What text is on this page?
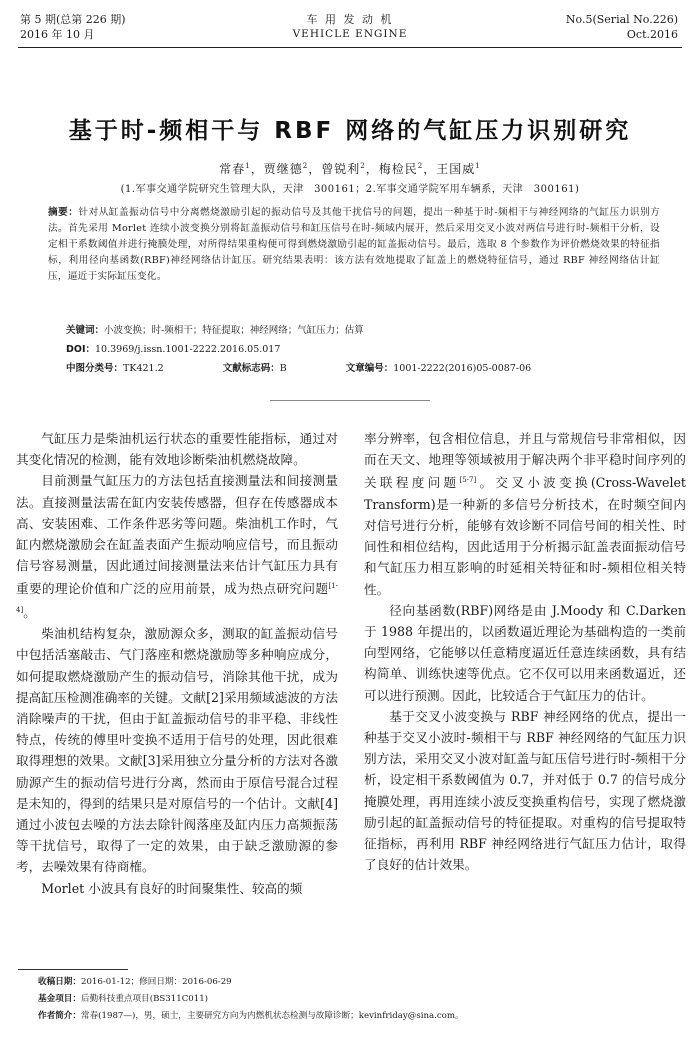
第 5 期(总第 226 期)
2016 年 10 月
车 用 发 动 机
VEHICLE ENGINE
No.5(Serial No.226)
Oct.2016
基于时-频相干与 RBF 网络的气缸压力识别研究
常春$^1$，贾继德$^2$，曾锐利$^2$，梅检民$^2$，王国威$^1$
(1.军事交通学院研究生管理大队，天津　300161；2.军事交通学院军用车辆系，天津　300161)
摘要：针对从缸盖振动信号中分离燃烧激励引起的振动信号及其他干扰信号的问题，提出一种基于时-频相干与神经网络的气缸压力识别方法。首先采用 Morlet 连续小波变换分别将缸盖振动信号和缸压信号在时-频域内展开，然后采用交叉小波对两信号进行时-频相干分析，设定相干系数阈值并进行掩膜处理，对所得结果重构便可得到燃烧激励引起的缸盖振动信号。最后，选取 8 个参数作为评价燃烧效果的特征指标，利用径向基函数(RBF)神经网络估计缸压。研究结果表明：该方法有效地提取了缸盖上的燃烧特征信号，通过 RBF 神经网络估计缸压，逼近于实际缸压变化。
关键词：小波变换；时-频相干；特征提取；神经网络；气缸压力；估算
DOI：10.3969/j.issn.1001-2222.2016.05.017
中图分类号：TK421.2	文献标志码：B	文章编号：1001-2222(2016)05-0087-06

气缸压力是柴油机运行状态的重要性能指标，通过对其变化情况的检测，能有效地诊断柴油机燃烧故障。

目前测量气缸压力的方法包括直接测量法和间接测量法。直接测量法需在缸内安装传感器，但存在传感器成本高、安装困难、工作条件恶劣等问题。柴油机工作时，气缸内燃烧激励会在缸盖表面产生振动响应信号，而且振动信号容易测量，因此通过间接测量法来估计气缸压力具有重要的理论价值和广泛的应用前景，成为热点研究问题[1-4]。

柴油机结构复杂，激励源众多，测取的缸盖振动信号中包括活塞敲击、气门落座和燃烧激励等多种响应成分，如何提取燃烧激励产生的振动信号，消除其他干扰，成为提高缸压检测准确率的关键。文献[2]采用频域滤波的方法消除噪声的干扰，但由于缸盖振动信号的非平稳、非线性特点，传统的傅里叶变换不适用于信号的处理，因此很难取得理想的效果。文献[3]采用独立分量分析的方法对各激励源产生的振动信号进行分离，然而由于原信号混合过程是未知的，得到的结果只是对原信号的一个估计。文献[4]通过小波包去噪的方法去除针阀落座及缸内压力高频振荡等干扰信号，取得了一定的效果，由于缺乏激励源的参考，去噪效果有待商榷。

Morlet 小波具有良好的时间聚集性、较高的频

率分辨率，包含相位信息，并且与常规信号非常相似，因而在天文、地理等领域被用于解决两个非平稳时间序列的关联程度问题[5-7]。交叉小波变换(Cross-Wavelet Transform)是一种新的多信号分析技术，在时频空间内对信号进行分析，能够有效诊断不同信号间的相关性、时间性和相位结构，因此适用于分析揭示缸盖表面振动信号和气缸压力相互影响的时延相关特征和时-频相位相关特性。

径向基函数(RBF)网络是由 J.Moody 和 C.Darken 于 1988 年提出的，以函数逼近理论为基础构造的一类前向型网络，它能够以任意精度逼近任意连续函数，具有结构简单、训练快速等优点。它不仅可以用来函数逼近，还可以进行预测。因此，比较适合于气缸压力的估计。

基于交叉小波变换与 RBF 神经网络的优点，提出一种基于交叉小波时-频相干与 RBF 神经网络的气缸压力识别方法，采用交叉小波对缸盖与缸压信号进行时-频相干分析，设定相干系数阈值为 0.7，并对低于 0.7 的信号成分掩膜处理，再用连续小波反变换重构信号，实现了燃烧激励引起的缸盖振动信号的特征提取。对重构的信号提取特征指标，再利用 RBF 神经网络进行气缸压力估计，取得了良好的估计效果。

收稿日期：2016-01-12；修回日期：2016-06-29
基金项目：后勤科技重点项目(BS311C011)
作者简介：常春(1987—)，男，硕士，主要研究方向为内燃机状态检测与故障诊断；kevinfriday@sina.com。
